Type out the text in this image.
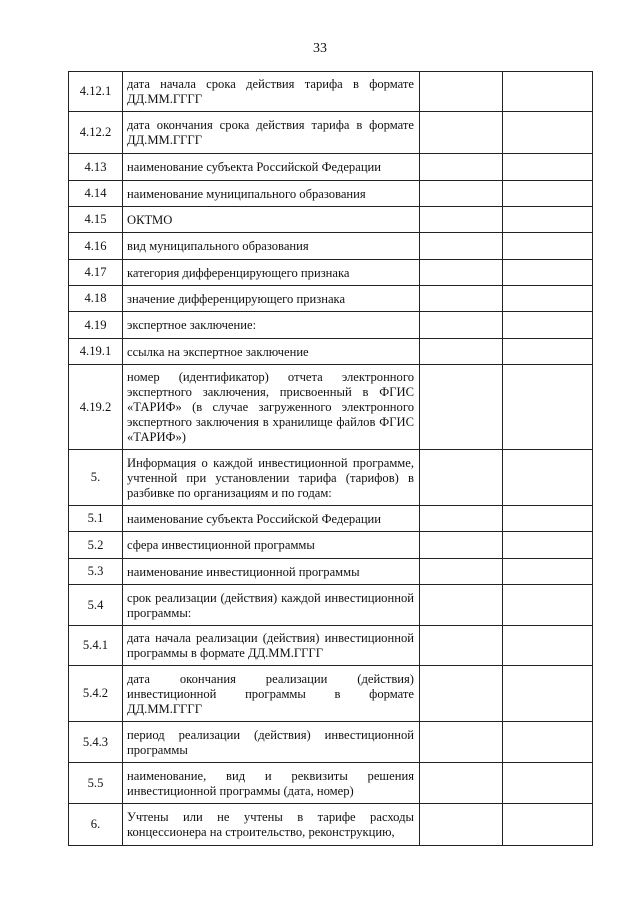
33
4.12.1	дата начала срока действия тарифа в формате ДД.ММ.ГГГГ		
4.12.2	дата окончания срока действия тарифа в формате ДД.ММ.ГГГГ		
4.13	наименование субъекта Российской Федерации		
4.14	наименование муниципального образования		
4.15	ОКТМО		
4.16	вид муниципального образования		
4.17	категория дифференцирующего признака		
4.18	значение дифференцирующего признака		
4.19	экспертное заключение:		
4.19.1	ссылка на экспертное заключение		
4.19.2	номер (идентификатор) отчета электронного экспертного заключения, присвоенный в ФГИС «ТАРИФ» (в случае загруженного электронного экспертного заключения в хранилище файлов ФГИС «ТАРИФ»)		
5.	Информация о каждой инвестиционной программе, учтенной при установлении тарифа (тарифов) в разбивке по организациям и по годам:		
5.1	наименование субъекта Российской Федерации		
5.2	сфера инвестиционной программы		
5.3	наименование инвестиционной программы		
5.4	срок реализации (действия) каждой инвестиционной программы:		
5.4.1	дата начала реализации (действия) инвестиционной программы в формате ДД.ММ.ГГГГ		
5.4.2	дата окончания реализации (действия) инвестиционной программы в формате ДД.ММ.ГГГГ		
5.4.3	период реализации (действия) инвестиционной программы		
5.5	наименование, вид и реквизиты решения инвестиционной программы (дата, номер)		
6.	Учтены или не учтены в тарифе расходы концессионера на строительство, реконструкцию,		
